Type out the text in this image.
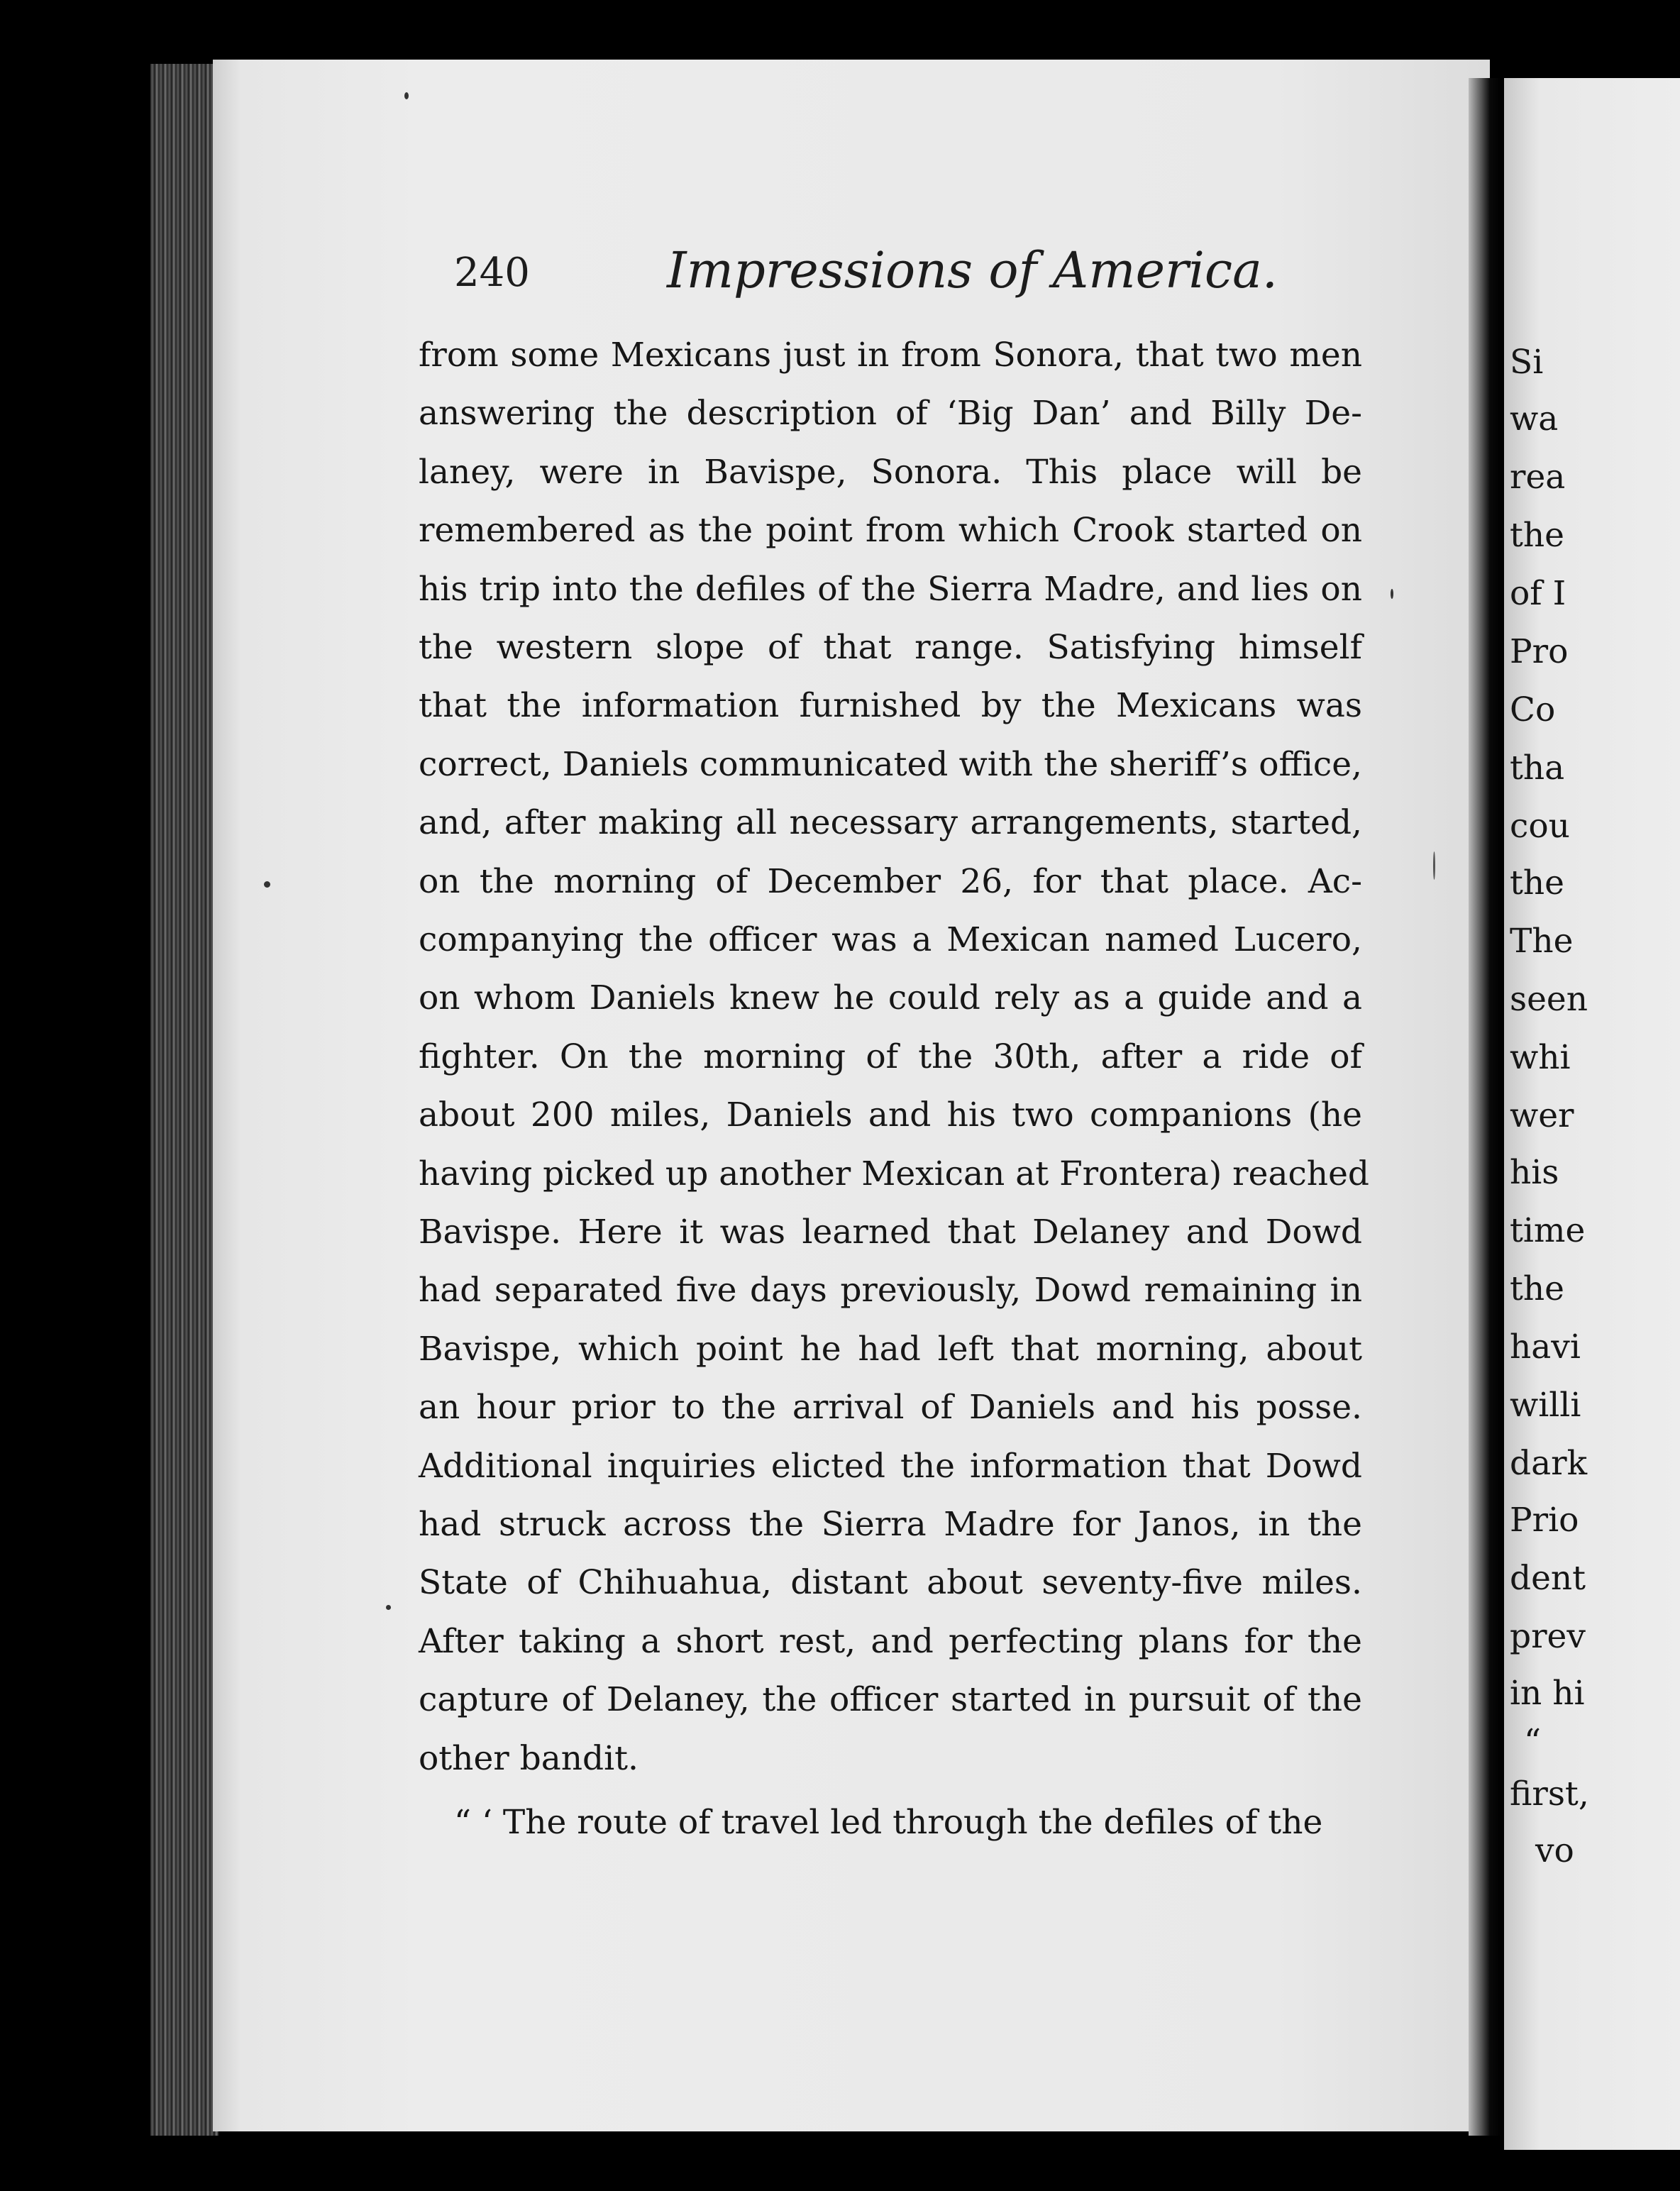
240	Impressions of America.
from some Mexicans just in from Sonora, that two men
answering the description of ‘Big Dan’ and Billy De-
laney, were in Bavispe, Sonora. This place will be
remembered as the point from which Crook started on
his trip into the defiles of the Sierra Madre, and lies on
the western slope of that range. Satisfying himself
that the information furnished by the Mexicans was
correct, Daniels communicated with the sheriff’s office,
and, after making all necessary arrangements, started,
on the morning of December 26, for that place. Ac-
companying the officer was a Mexican named Lucero,
on whom Daniels knew he could rely as a guide and a
fighter. On the morning of the 30th, after a ride of
about 200 miles, Daniels and his two companions (he
having picked up another Mexican at Frontera) reached
Bavispe. Here it was learned that Delaney and Dowd
had separated five days previously, Dowd remaining in
Bavispe, which point he had left that morning, about
an hour prior to the arrival of Daniels and his posse.
Additional inquiries elicted the information that Dowd
had struck across the Sierra Madre for Janos, in the
State of Chihuahua, distant about seventy-five miles.
After taking a short rest, and perfecting plans for the
capture of Delaney, the officer started in pursuit of the
other bandit.
“ ‘ The route of travel led through the defiles of the
Si
wa
rea
the
of I
Pro
Co
tha
cou
the
The
seen
whi
wer
his
time
the
havi
willi
dark
Prio
dent
prev
in hi
“
first,
vo
